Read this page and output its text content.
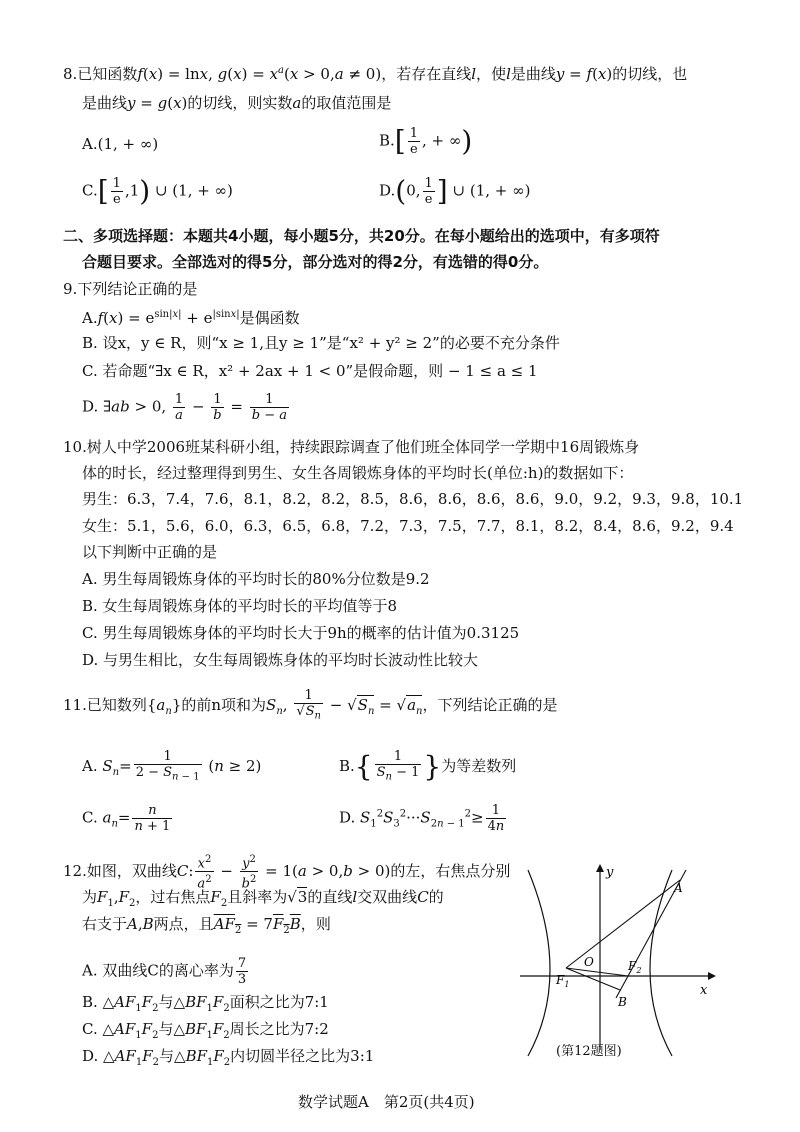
8.已知函数f(x) = lnx, $g(x) = x^a(x > 0,a \ne 0)$，若存在直线l，使l是曲线y = f(x)的切线，也
是曲线y = g(x)的切线，则实数a的取值范围是
A.(1, + ∞)	$B.[ \frac{1}{e}$ , + ∞)
$C.[ \frac{1}{e} ,1)$ ∪ (1, + ∞)	D.(0, $\frac{1}{e}$ ] ∪ (1, + ∞)
二、多项选择题：本题共4小题，每小题5分，共20分。在每小题给出的选项中，有多项符
合题目要求。全部选对的得5分，部分选对的得2分，有选错的得0分。
9.下列结论正确的是
$A.f(x) = e^{sin|x|} + e^{|sinx|}$是偶函数
B. 设x，y ∈ R，则“x ≥ 1,且y ≥ 1”是“x² + y² ≥ 2”的必要不充分条件
C. 若命题“∃x ∈ R，x² + 2ax + 1 < 0”是假命题，则 − 1 ≤ a ≤ 1
D. ∃ab > 0, $\frac{1}{a} - \frac{1}{b} = \frac{1}{b - a}$
10.树人中学2006班某科研小组，持续跟踪调查了他们班全体同学一学期中16周锻炼身
体的时长，经过整理得到男生、女生各周锻炼身体的平均时长(单位:h)的数据如下：
男生：6.3，7.4，7.6，8.1，8.2，8.2，8.5，8.6，8.6，8.6，8.6，9.0，9.2，9.3，9.8，10.1
女生：5.1，5.6，6.0，6.3，6.5，6.8，7.2，7.3，7.5，7.7，8.1，8.2，8.4，8.6，9.2，9.4
以下判断中正确的是
A. 男生每周锻炼身体的平均时长的80%分位数是9.2
B. 女生每周锻炼身体的平均时长的平均值等于8
C. 男生每周锻炼身体的平均时长大于9h的概率的估计值为0.3125
D. 与男生相比，女生每周锻炼身体的平均时长波动性比较大
11.已知数列$\{a_n\}$的前n项和为$S_n$, $\frac{1}{√S_n} - √S_n = √a_n$，下列结论正确的是
A. $S_n= \frac{1}{2 - S_{n - 1}} (n \ge 2)$	$B.\{ \frac{1}{S_n - 1}$ }为等差数列
C. $a_n= \frac{n}{n + 1}$	D. $S_1^2S_3^2\cdot\cdot\cdot S_{2n - 1}^2\ge \frac{1}{4n}$
12.如图，双曲线C: $\frac{x^2}{a^2} - \frac{y^2}{b^2} = 1(a > 0,b > 0)$的左，右焦点分别
为$F_1,F_2$，过右焦点$F_2$且斜率为√3的直线l交双曲线C的
右支于A,B两点，且$AF_2 = 7F_2B$，则
A. 双曲线C的离心率为 $\frac{7}{3}$
B. $\triangle AF_1F_2$与$\triangle BF_1F_2$面积之比为7:1
C. $\triangle AF_1F_2$与$\triangle BF_1F_2$周长之比为7:2
D. $\triangle AF_1F_2$与$\triangle BF_1F_2$内切圆半径之比为3:1
y
x
A
O
$F_1$
$F_2$
B
(第12题图)
数学试题A　第2页(共4页)
